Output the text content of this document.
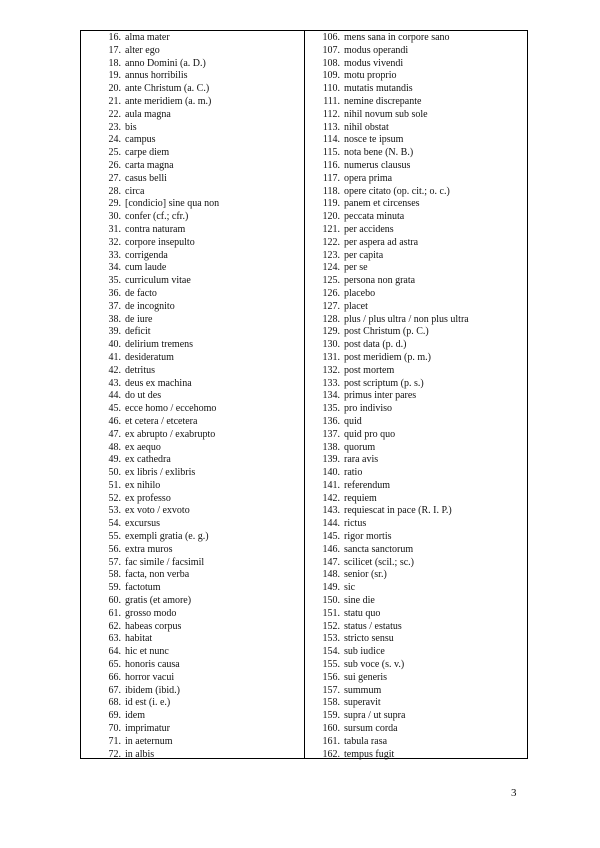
16. alma mater
17. alter ego
18. anno Domini (a. D.)
19. annus horribilis
20. ante Christum (a. C.)
21. ante meridiem (a. m.)
22. aula magna
23. bis
24. campus
25. carpe diem
26. carta magna
27. casus belli
28. circa
29. [condicio] sine qua non
30. confer (cf.; cfr.)
31. contra naturam
32. corpore insepulto
33. corrigenda
34. cum laude
35. curriculum vitae
36. de facto
37. de incognito
38. de iure
39. deficit
40. delirium tremens
41. desideratum
42. detritus
43. deus ex machina
44. do ut des
45. ecce homo / eccehomo
46. et cetera / etcetera
47. ex abrupto / exabrupto
48. ex aequo
49. ex cathedra
50. ex libris / exlibris
51. ex nihilo
52. ex professo
53. ex voto / exvoto
54. excursus
55. exempli gratia (e. g.)
56. extra muros
57. fac simile / facsimil
58. facta, non verba
59. factotum
60. gratis (et amore)
61. grosso modo
62. habeas corpus
63. habitat
64. hic et nunc
65. honoris causa
66. horror vacui
67. ibidem (ibid.)
68. id est (i. e.)
69. idem
70. imprimatur
71. in aeternum
72. in albis
106. mens sana in corpore sano
107. modus operandi
108. modus vivendi
109. motu proprio
110. mutatis mutandis
111. nemine discrepante
112. nihil novum sub sole
113. nihil obstat
114. nosce te ipsum
115. nota bene (N. B.)
116. numerus clausus
117. opera prima
118. opere citato (op. cit.; o. c.)
119. panem et circenses
120. peccata minuta
121. per accidens
122. per aspera ad astra
123. per capita
124. per se
125. persona non grata
126. placebo
127. placet
128. plus / plus ultra / non plus ultra
129. post Christum (p. C.)
130. post data (p. d.)
131. post meridiem (p. m.)
132. post mortem
133. post scriptum (p. s.)
134. primus inter pares
135. pro indiviso
136. quid
137. quid pro quo
138. quorum
139. rara avis
140. ratio
141. referendum
142. requiem
143. requiescat in pace (R. I. P.)
144. rictus
145. rigor mortis
146. sancta sanctorum
147. scilicet (scil.; sc.)
148. senior (sr.)
149. sic
150. sine die
151. statu quo
152. status / estatus
153. stricto sensu
154. sub iudice
155. sub voce (s. v.)
156. sui generis
157. summum
158. superavit
159. supra / ut supra
160. sursum corda
161. tabula rasa
162. tempus fugit
3
